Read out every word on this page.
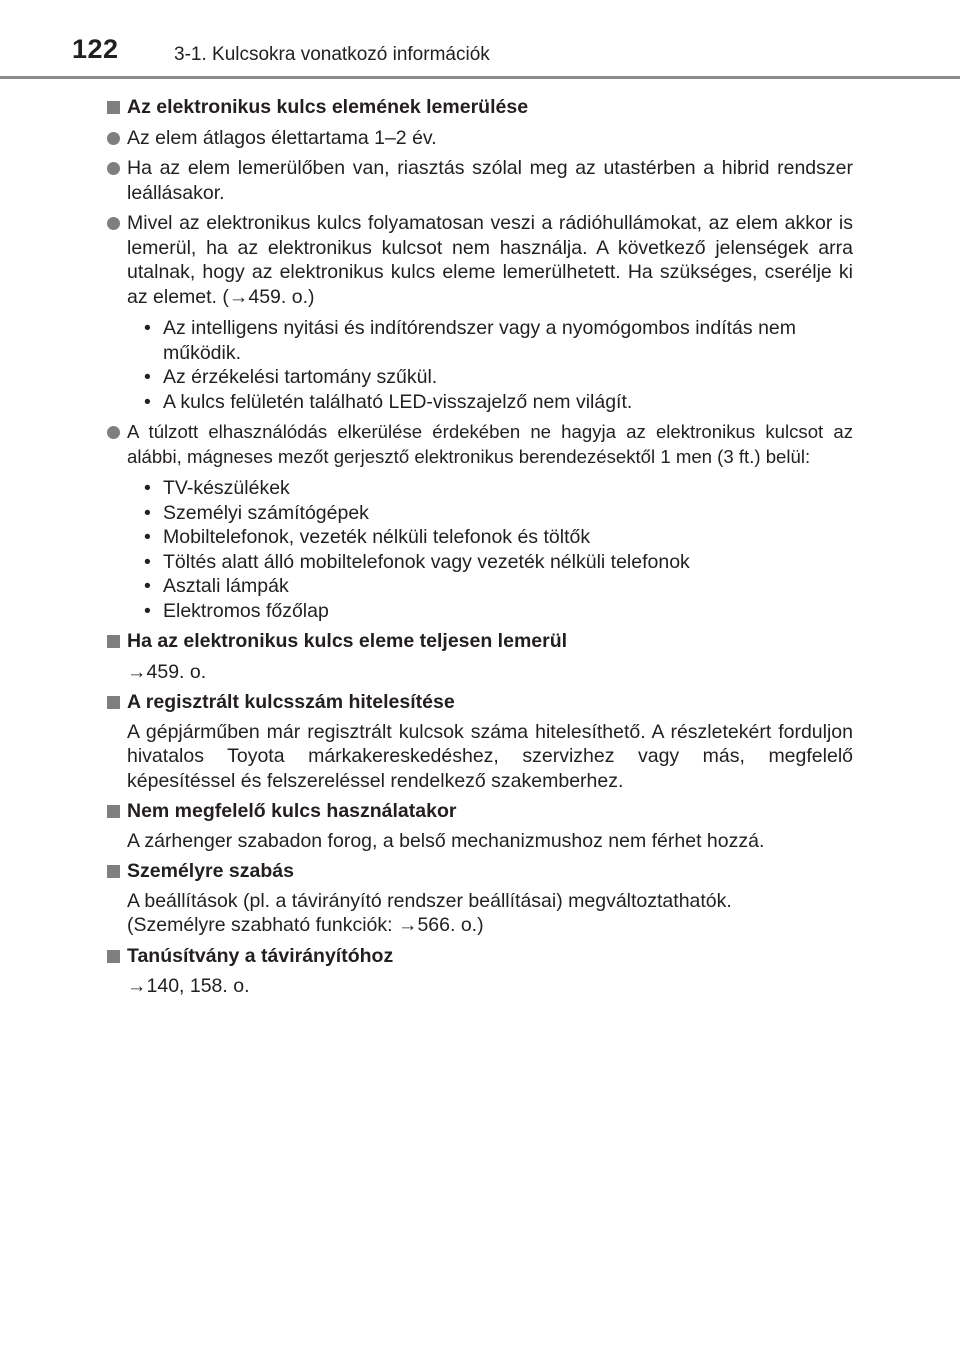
122	3-1. Kulcsokra vonatkozó információk
Az elektronikus kulcs elemének lemerülése
Az elem átlagos élettartama 1–2 év.
Ha az elem lemerülőben van, riasztás szólal meg az utastérben a hibrid rendszer leállásakor.
Mivel az elektronikus kulcs folyamatosan veszi a rádióhullámokat, az elem akkor is lemerül, ha az elektronikus kulcsot nem használja. A következő jelenségek arra utalnak, hogy az elektronikus kulcs eleme lemerülhetett. Ha szükséges, cserélje ki az elemet. (→459. o.)
• Az intelligens nyitási és indítórendszer vagy a nyomógombos indítás nem működik.
• Az érzékelési tartomány szűkül.
• A kulcs felületén található LED-visszajelző nem világít.
A túlzott elhasználódás elkerülése érdekében ne hagyja az elektronikus kulcsot az alábbi, mágneses mezőt gerjesztő elektronikus berendezésektől 1 men (3 ft.) belül:
• TV-készülékek
• Személyi számítógépek
• Mobiltelefonok, vezeték nélküli telefonok és töltők
• Töltés alatt álló mobiltelefonok vagy vezeték nélküli telefonok
• Asztali lámpák
• Elektromos főzőlap
Ha az elektronikus kulcs eleme teljesen lemerül
→459. o.
A regisztrált kulcsszám hitelesítése
A gépjárműben már regisztrált kulcsok száma hitelesíthető. A részletekért forduljon hivatalos Toyota márkakereskedéshez, szervizhez vagy más, megfelelő képesítéssel és felszereléssel rendelkező szakemberhez.
Nem megfelelő kulcs használatakor
A zárhenger szabadon forog, a belső mechanizmushoz nem férhet hozzá.
Személyre szabás
A beállítások (pl. a távirányító rendszer beállításai) megváltoztathatók.
(Személyre szabható funkciók: →566. o.)
Tanúsítvány a távirányítóhoz
→140, 158. o.
